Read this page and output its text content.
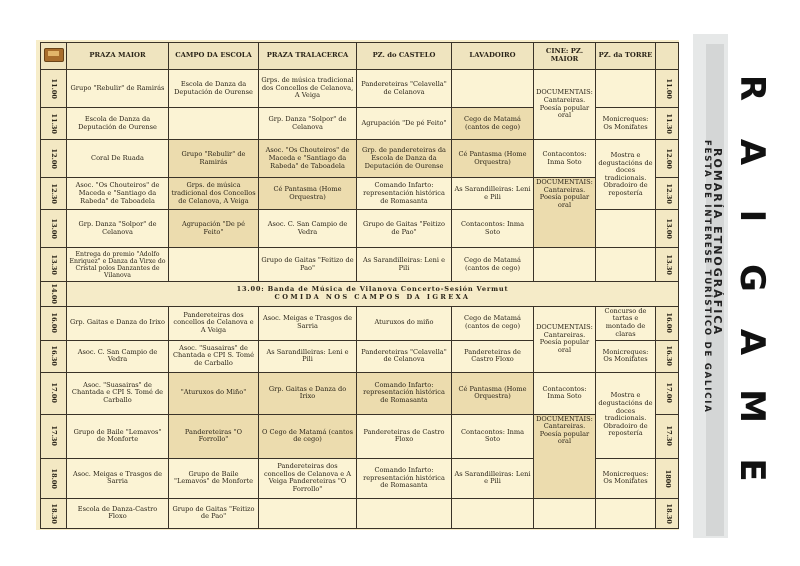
	PRAZA MAIOR	CAMPO DA ESCOLA	PRAZA TRALACERCA	PZ. do CASTELO	LAVADOIRO	CINE: PZ. MAIOR	PZ. da TORRE	
11.00	Grupo "Rebulir" de Ramirás	Escola de Danza da Deputación de Ourense	Grps. de música tradicional dos Concellos de Celanova, A Veiga	Pandereteiras "Celavella" de Celanova		DOCUMENTAIS: Cantareiras. Poesía popular oral		11.00
11.30	Escola de Danza da Deputación de Ourense		Grp. Danza "Solpor" de Celanova	Agrupación "De pé Feito"	Cego de Matamá (cantos de cego)		Monicreques: Os Monifates	11.30
12.00	Coral De Ruada	Grupo "Rebulir" de Ramirás	Asoc. "Os Chouteiros" de Maceda e "Santiago da Rabeda" de Taboadela	Grp. de pandereteiras da Escola de Danza da Deputación de Ourense	Cé Pantasma (Home Orquestra)	Contacontos: Inma Soto	Mostra e degustacións de doces tradicionais. Obradoiro de repostería	12.00
12.30	Asoc. "Os Chouteiros" de Maceda e "Santiago da Rabeda" de Taboadela	Grps. de música tradicional dos Concellos de Celanova, A Veiga	Cé Pantasma (Home Orquestra)	Comando Infarto: representación histórica de Romasanta	As Sarandilleiras: Leni e Pili	DOCUMENTAIS: Cantareiras. Poesía popular oral		12.30
13.00	Grp. Danza "Solpor" de Celanova	Agrupación "De pé Feito"	Asoc. C. San Campio de Vedra	Grupo de Gaitas "Feitizo de Pao"	Contacontos: Inma Soto			13.00
13.30	Entrega do premio "Adolfo Enriquez" e Danza da Virxe do Cristal polos Danzantes de Vilanova		Grupo de Gaitas "Feitizo de Pao"	As Sarandilleiras: Leni e Pili	Cego de Matamá (cantos de cego)			13.30
14.00	13.00: Banda de Música de Vilanova Concerto-Sesión Vermut
COMIDA NOS CAMPOS DA IGREXA							

16.00	Grp. Gaitas e Danza do Irixo	Pandereteiras dos concellos de Celanova e A Veiga	Asoc. Meigas e Trasgos de Sarria	Aturuxos do miño	Cego de Matamá (cantos de cego)	DOCUMENTAIS: Cantareiras. Poesía popular oral	Concurso de tartas e montado de claras	16.00
16.30	Asoc. C. San Campio de Vedra	Asoc. "Suasairas" de Chantada e CPI S. Tomé de Carballo	As Sarandilleiras: Leni e Pili	Pandereteiras "Celavella" de Celanova	Pandereteiras de Castro Floxo		Monicreques: Os Monifates	16.30
17.00	Asoc. "Suasairas" de Chantada e CPI S. Tomé de Carballo	"Aturuxos do Miño"	Grp. Gaitas e Danza do Irixo	Comando Infarto: representación histórica de Romasanta	Cé Pantasma (Home Orquestra)	Contacontos: Inma Soto	Mostra e degustacións de doces tradicionais. Obradoiro de repostería	17.00
17.30	Grupo de Baile "Lemavos" de Monforte	Pandereteiras "O Forrollo"	O Cego de Matamá (cantos de cego)	Pandereteiras de Castro Floxo	Contacontos: Inma Soto	DOCUMENTAIS: Cantareiras. Poesía popular oral		17.30
18.00	Asoc. Meigas e Trasgos de Sarria	Grupo de Baile "Lemavos" de Monforte	Pandereteiras dos concellos de Celanova e A Veiga Pandereteiras "O Forrollo"	Comando Infarto: representación histórica de Romasanta	As Sarandilleiras: Leni e Pili		Monicreques: Os Monifates	1800
18.30	Escola de Danza-Castro Floxo	Grupo de Gaitas "Feitizo de Pao"						18.30
R
A
I
G
A
M
E
ROMARÍA ETNOGRÁFICA
FESTA DE INTERESE TURÍSTICO DE GALICIA
